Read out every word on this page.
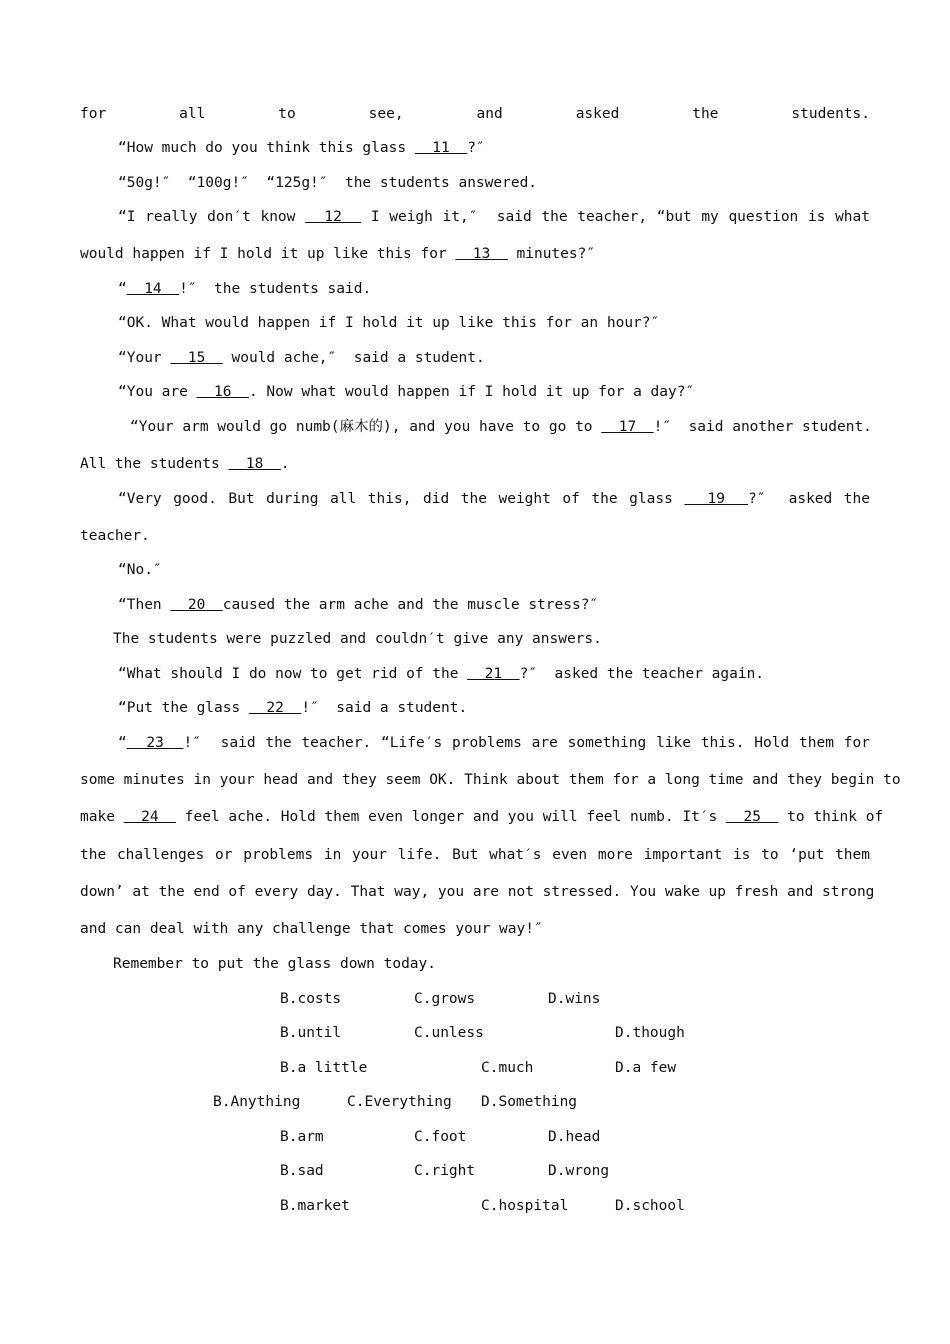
for all to see, and asked the students.
“How much do you think this glass   11  ?″
“50g!″  “100g!″  “125g!″  the students answered.
“I really don′t know   12   I weigh it,″  said the teacher, “but my question is what
would happen if I hold it up like this for   13   minutes?″
“  14  !″  the students said.
“OK. What would happen if I hold it up like this for an hour?″
“Your   15   would ache,″  said a student.
“You are   16  . Now what would happen if I hold it up for a day?″
“Your arm would go numb(麻木的), and you have to go to   17  !″  said another student.
All the students   18  .
“Very good. But during all this, did the weight of the glass   19  ?″  asked the
teacher.
“No.″
“Then   20  caused the arm ache and the muscle stress?″
The students were puzzled and couldn′t give any answers.
“What should I do now to get rid of the   21  ?″  asked the teacher again.
“Put the glass   22  !″  said a student.
“  23  !″  said the teacher. “Life′s problems are something like this. Hold them for
some minutes in your head and they seem OK. Think about them for a long time and they begin to
make   24   feel ache. Hold them even longer and you will feel numb. It′s   25   to think of
the challenges or problems in your life. But what′s even more important is to ‘put them
down’ at the end of every day. That way, you are not stressed. You wake up fresh and strong
and can deal with any challenge that comes your way!″
Remember to put the glass down today.
B.costs	C.grows	D.wins
B.until	C.unless	D.though
B.a little	C.much	D.a few
B.Anything	C.Everything D.Something
B.arm	C.foot	D.head
B.sad	C.right	D.wrong
B.market	C.hospital	D.school
